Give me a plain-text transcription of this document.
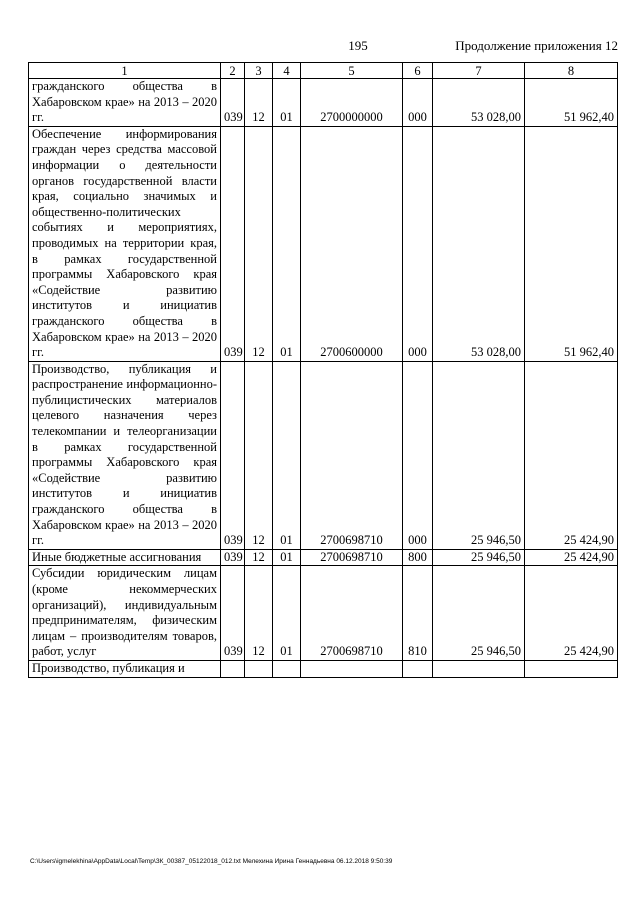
195	Продолжение приложения 12
1	2	3	4	5	6	7	8
гражданского общества в Хабаровском крае» на 2013 – 2020 гг.	039	12	01	2700000000	000	53 028,00	51 962,40
Обеспечение информирования граждан через средства массовой информации о деятельности органов государственной власти края, социально значимых и общественно-политических событиях и мероприятиях, проводимых на территории края, в рамках государственной программы Хабаровского края «Содействие развитию институтов и инициатив гражданского общества в Хабаровском крае» на 2013 – 2020 гг.	039	12	01	2700600000	000	53 028,00	51 962,40
Производство, публикация и распространение информационно-публицистических материалов целевого назначения через телекомпании и телеорганизации в рамках государственной программы Хабаровского края «Содействие развитию институтов и инициатив гражданского общества в Хабаровском крае» на 2013 – 2020 гг.	039	12	01	2700698710	000	25 946,50	25 424,90
Иные бюджетные ассигнования	039	12	01	2700698710	800	25 946,50	25 424,90
Субсидии юридическим лицам (кроме некоммерческих организаций), индивидуальным предпринимателям, физическим лицам – производителям товаров, работ, услуг	039	12	01	2700698710	810	25 946,50	25 424,90
Производство, публикация и							
C:\Users\igmelekhina\AppData\Local\Temp\ЗК_00387_05122018_012.txt Мелехина Ирина Геннадьевна 06.12.2018 9:50:39
